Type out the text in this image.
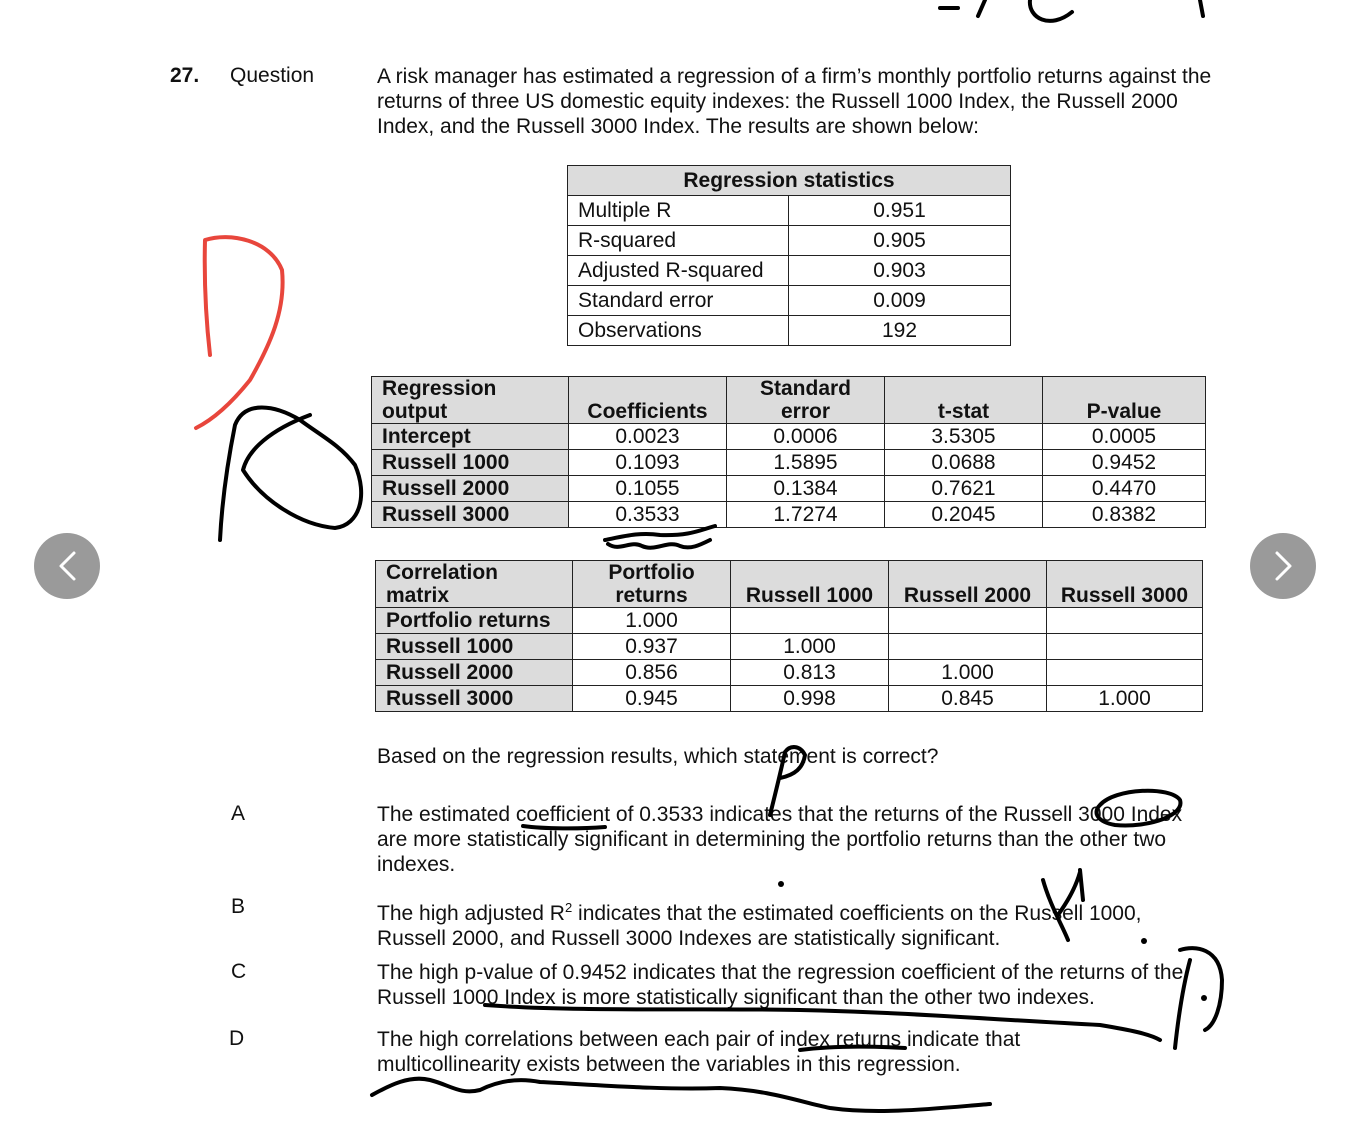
27. Question	A risk manager has estimated a regression of a firm’s monthly portfolio returns against the returns of three US domestic equity indexes: the Russell 1000 Index, the Russell 2000 Index, and the Russell 3000 Index. The results are shown below:

Regression statistics	
Multiple R	0.951
R-squared	0.905
Adjusted R-squared	0.903
Standard error	0.009
Observations	192
Regression output	Coefficients	Standard error	t-stat	P-value
Intercept	0.0023	0.0006	3.5305	0.0005
Russell 1000	0.1093	1.5895	0.0688	0.9452
Russell 2000	0.1055	0.1384	0.7621	0.4470
Russell 3000	0.3533	1.7274	0.2045	0.8382
Correlation matrix	Portfolio returns	Russell 1000	Russell 2000	Russell 3000
Portfolio returns	1.000			
Russell 1000	0.937	1.000		
Russell 2000	0.856	0.813	1.000	
Russell 3000	0.945	0.998	0.845	1.000
Based on the regression results, which statement is correct?
A	The estimated coefficient of 0.3533 indicates that the returns of the Russell 3000 Index are more statistically significant in determining the portfolio returns than the other two indexes.

B	The high adjusted $R^2$ indicates that the estimated coefficients on the Russell 1000, Russell 2000, and Russell 3000 Indexes are statistically significant.

C	The high p-value of 0.9452 indicates that the regression coefficient of the returns of the Russell 1000 Index is more statistically significant than the other two indexes.

D	The high correlations between each pair of index returns indicate that multicollinearity exists between the variables in this regression.
